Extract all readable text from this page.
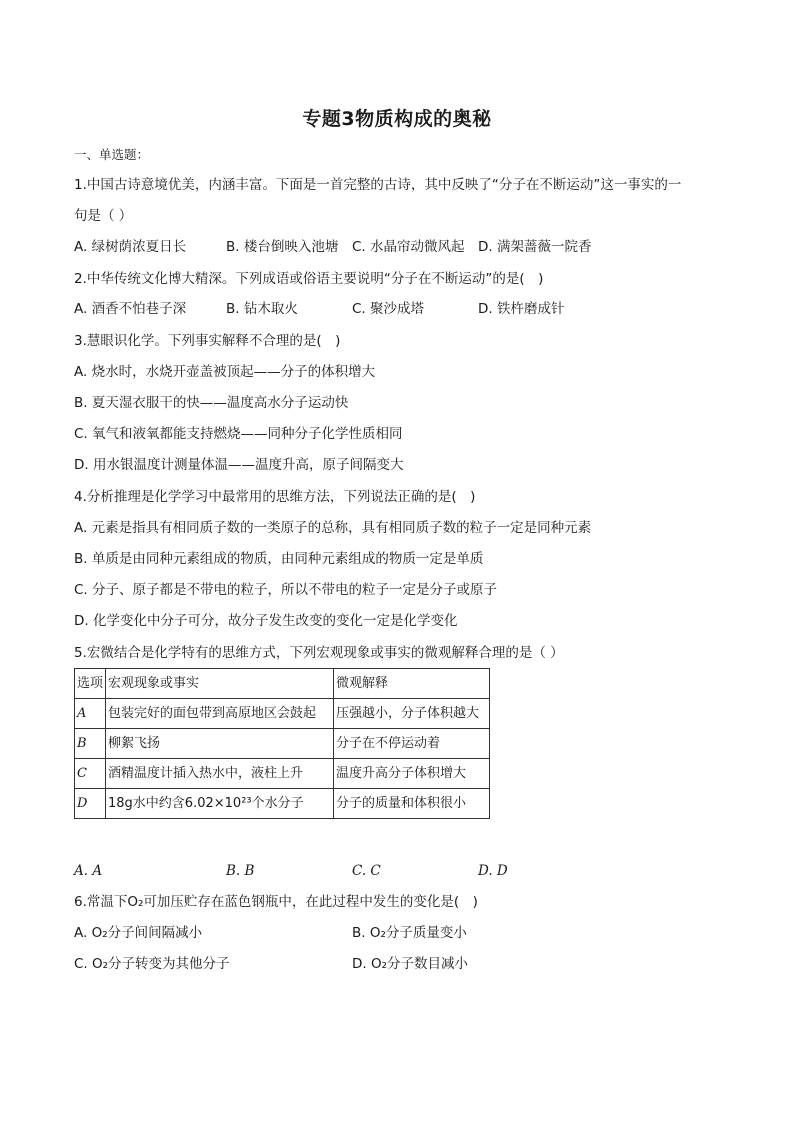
专题3物质构成的奥秘
一、单选题：
1.中国古诗意境优美，内涵丰富。下面是一首完整的古诗，其中反映了“分子在不断运动”这一事实的一
句是（ ）
A. 绿树荫浓夏日长	B. 楼台倒映入池塘 C. 水晶帘动微风起 D. 满架蔷薇一院香
2.中华传统文化博大精深。下列成语或俗语主要说明“分子在不断运动”的是(　)
A. 酒香不怕巷子深	B. 钻木取火	C. 聚沙成塔	D. 铁杵磨成针
3.慧眼识化学。下列事实解释不合理的是(　)
A. 烧水时，水烧开壶盖被顶起——分子的体积增大
B. 夏天湿衣服干的快——温度高水分子运动快
C. 氧气和液氧都能支持燃烧——同种分子化学性质相同
D. 用水银温度计测量体温——温度升高，原子间隔变大
4.分析推理是化学学习中最常用的思维方法，下列说法正确的是(　)
A. 元素是指具有相同质子数的一类原子的总称，具有相同质子数的粒子一定是同种元素
B. 单质是由同种元素组成的物质，由同种元素组成的物质一定是单质
C. 分子、原子都是不带电的粒子，所以不带电的粒子一定是分子或原子
D. 化学变化中分子可分，故分子发生改变的变化一定是化学变化
5.宏微结合是化学特有的思维方式，下列宏观现象或事实的微观解释合理的是（ ）
选项	宏观现象或事实	微观解释
A	包装完好的面包带到高原地区会鼓起	压强越小，分子体积越大
B	柳絮飞扬	分子在不停运动着
C	酒精温度计插入热水中，液柱上升	温度升高分子体积增大
D	18g水中约含6.02×10²³个水分子	分子的质量和体积很小
A. A	B. B	C. C	D. D
6.常温下O₂可加压贮存在蓝色钢瓶中，在此过程中发生的变化是(　)
A. O₂分子间间隔减小	B. O₂分子质量变小
C. O₂分子转变为其他分子	D. O₂分子数目减小
